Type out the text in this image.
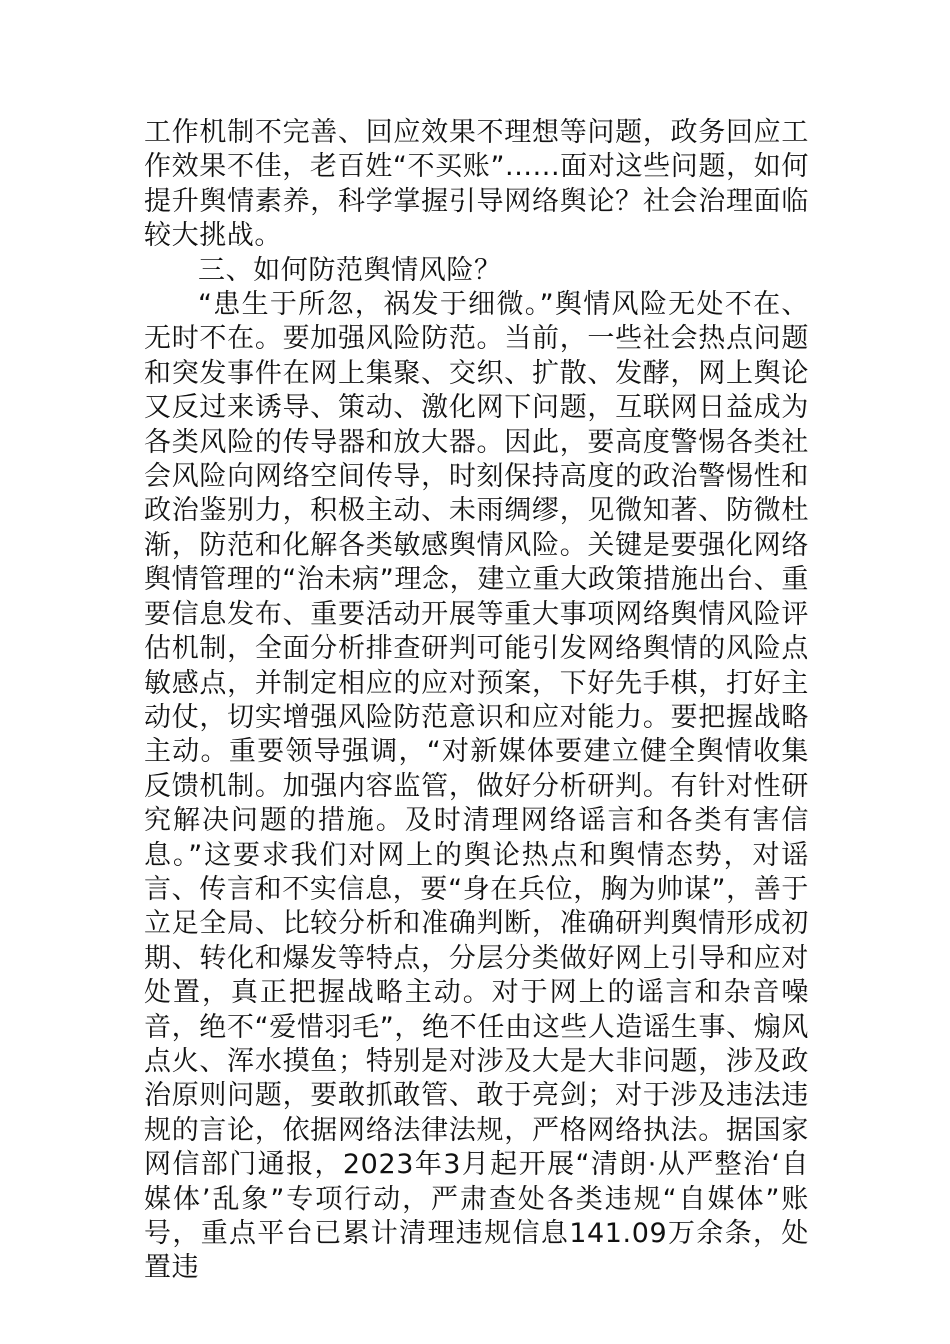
工作机制不完善、回应效果不理想等问题，政务回应工作效果不佳，老百姓“不买账”......面对这些问题，如何提升舆情素养，科学掌握引导网络舆论？社会治理面临较大挑战。

三、如何防范舆情风险？

“患生于所忽，祸发于细微。”舆情风险无处不在、无时不在。要加强风险防范。当前，一些社会热点问题和突发事件在网上集聚、交织、扩散、发酵，网上舆论又反过来诱导、策动、激化网下问题，互联网日益成为各类风险的传导器和放大器。因此，要高度警惕各类社会风险向网络空间传导，时刻保持高度的政治警惕性和政治鉴别力，积极主动、未雨绸缪，见微知著、防微杜渐，防范和化解各类敏感舆情风险。关键是要强化网络舆情管理的“治未病”理念，建立重大政策措施出台、重要信息发布、重要活动开展等重大事项网络舆情风险评估机制，全面分析排查研判可能引发网络舆情的风险点敏感点，并制定相应的应对预案，下好先手棋，打好主动仗，切实增强风险防范意识和应对能力。要把握战略主动。重要领导强调，“对新媒体要建立健全舆情收集反馈机制。加强内容监管，做好分析研判。有针对性研究解决问题的措施。及时清理网络谣言和各类有害信息。”这要求我们对网上的舆论热点和舆情态势，对谣言、传言和不实信息，要“身在兵位，胸为帅谋”，善于立足全局、比较分析和准确判断，准确研判舆情形成初期、转化和爆发等特点，分层分类做好网上引导和应对处置，真正把握战略主动。对于网上的谣言和杂音噪音，绝不“爱惜羽毛”，绝不任由这些人造谣生事、煽风点火、浑水摸鱼；特别是对涉及大是大非问题，涉及政治原则问题，要敢抓敢管、敢于亮剑；对于涉及违法违规的言论，依据网络法律法规，严格网络执法。据国家网信部门通报，2023年3月起开展“清朗·从严整治‘自媒体’乱象”专项行动，严肃查处各类违规“自媒体”账号，重点平台已累计清理违规信息141.09万余条，处置违
